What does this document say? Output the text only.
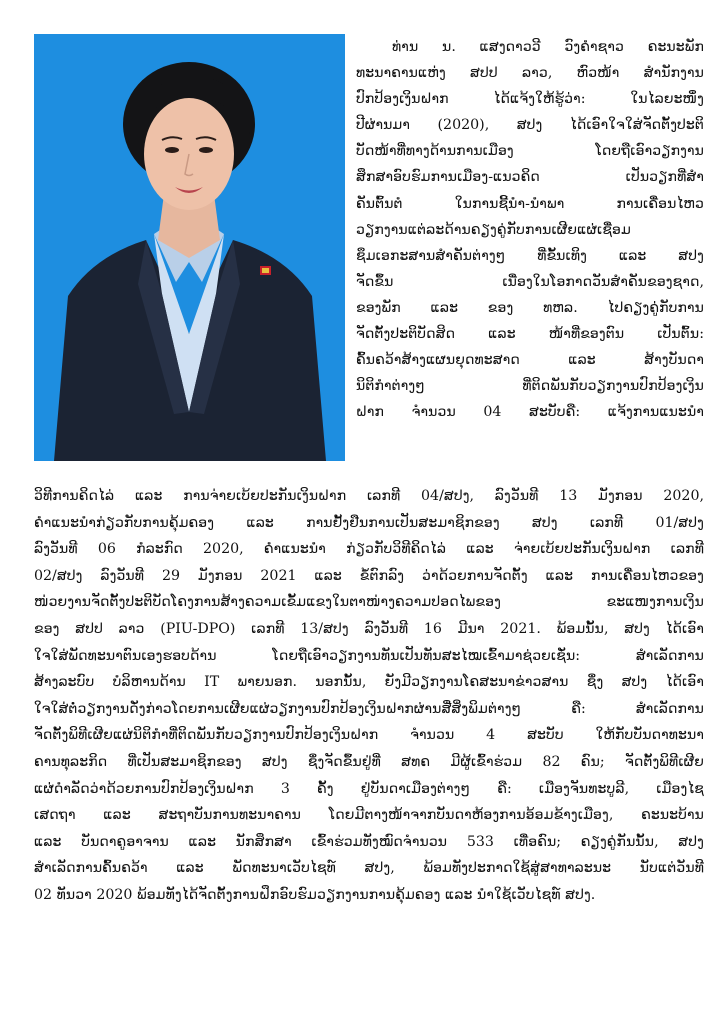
ທ່ານ ນ. ແສງດາວວີ ວົງຄໍາຊາວ ຄະນະພັກ
ທະນາຄານແຫ່ງ ສປປ ລາວ, ຫົວໜ້າ ສໍານັກງານ
ປົກປ້ອງເງິນຝາກ ໄດ້ແຈ້ງໃຫ້ຮູ້ວ່າ: ໃນໄລຍະໜຶ່ງ
ປີຜ່ານມາ (2020), ສປງ ໄດ້ເອົາໃຈໃສ່ຈັດຕັ້ງປະຕິ
ບັດໜ້າທີ່ທາງດ້ານການເມືອງ ໂດຍຖືເອົາວຽກງານ
ສຶກສາອົບຮົມການເມືອງ-ແນວຄິດ ເປັນວຽກທີ່ສໍາ
ຄັນຕົ້ນຕໍ ໃນການຊີ້ນໍາ-ນໍາພາ ການເຄື່ອນໄຫວ
ວຽກງານແຕ່ລະດ້ານຄຽງຄູ່ກັບການເຜີຍແຜ່ເຊື່ອມ
ຊຶມເອກະສານສໍາຄັນຕ່າງໆ ທີ່ຂັ້ນເທິງ ແລະ ສປງ
ຈັດຂຶ້ນ ເນື່ອງໃນໂອກາດວັນສໍາຄັນຂອງຊາດ,
ຂອງພັກ ແລະ ຂອງ ທຫລ. ໄປຄຽງຄູ່ກັບການ
ຈັດຕັ້ງປະຕິບັດສິດ ແລະ ໜ້າທີ່ຂອງຕົນ ເປັນຕົ້ນ:
ຄົ້ນຄວ້າສ້າງແຜນຍຸດທະສາດ ແລະ ສ້າງບັນດາ
ນິຕິກໍາຕ່າງໆ ທີ່ຕິດພັນກັບວຽກງານປົກປ້ອງເງິນ
ຝາກ ຈໍານວນ 04 ສະບັບຄື: ແຈ້ງການແນະນໍາ
ວິທີການຄິດໄລ່ ແລະ ການຈ່າຍເບ້ຍປະກັນເງິນຝາກ ເລກທີ 04/ສປງ, ລົງວັນທີ 13 ມັງກອນ 2020,
ຄໍາແນະນໍາກ່ຽວກັບການຄຸ້ມຄອງ ແລະ ການຢັ້ງຢືນການເປັນສະມາຊິກຂອງ ສປງ ເລກທີ 01/ສປງ
ລົງວັນທີ 06 ກໍລະກົດ 2020, ຄໍາແນະນໍາ ກ່ຽວກັບວິທີຄິດໄລ່ ແລະ ຈ່າຍເບ້ຍປະກັນເງິນຝາກ ເລກທີ
02/ສປງ ລົງວັນທີ 29 ມັງກອນ 2021 ແລະ ຂໍ້ຕົກລົງ ວ່າດ້ວຍການຈັດຕັ້ງ ແລະ ການເຄື່ອນໄຫວຂອງ
ໜ່ວຍງານຈັດຕັ້ງປະຕິບັດໂຄງການສ້າງຄວາມເຂັ້ມແຂງໃນຕາໜ່າງຄວາມປອດໄພຂອງ ຂະແໜງການເງິນ
ຂອງ ສປປ ລາວ (PIU-DPO) ເລກທີ 13/ສປງ ລົງວັນທີ 16 ມີນາ 2021. ພ້ອມນັ້ນ, ສປງ ໄດ້ເອົາ
ໃຈໃສ່ພັດທະນາຕົນເອງຮອບດ້ານ ໂດຍຖືເອົາວຽກງານທັນເປັນທັນສະໄໝເຂົ້າມາຊ່ວຍເຊັ່ນ: ສໍາເລັດການ
ສ້າງລະບົບ ບໍລິຫານດ້ານ IT ພາຍນອກ. ນອກນັ້ນ, ຍັງມີວຽກງານໂຄສະນາຂ່າວສານ ຊຶ່ງ ສປງ ໄດ້ເອົາ
ໃຈໃສ່ຕໍ່ວຽກງານດັ່ງກ່າວໂດຍການເຜີຍແຜ່ວຽກງານປົກປ້ອງເງິນຝາກຜ່ານສື່ສິ່ງພິມຕ່າງໆ ຄື: ສໍາເລັດການ
ຈັດຕັ້ງພິທີເຜີຍແຜ່ນິຕິກໍາທີ່ຕິດພັນກັບວຽກງານປົກປ້ອງເງິນຝາກ ຈໍານວນ 4 ສະບັບ ໃຫ້ກັບບັນດາທະນາ
ຄານທຸລະກິດ ທີ່ເປັນສະມາຊິກຂອງ ສປງ ຊຶ່ງຈັດຂຶ້ນຢູ່ທີ່ ສທຄ ມີຜູ້ເຂົ້າຮ່ວມ 82 ຄົນ; ຈັດຕັ້ງພິທີເຜີຍ
ແຜ່ດໍາລັດວ່າດ້ວຍການປົກປ້ອງເງິນຝາກ 3 ຄັ້ງ ຢູ່ບັນດາເມືອງຕ່າງໆ ຄື: ເມືອງຈັນທະບູລີ, ເມືອງໄຊ
ເສດຖາ ແລະ ສະຖາບັນການທະນາຄານ ໂດຍມີຕາງໜ້າຈາກບັນດາຫ້ອງການອ້ອມຂ້າງເມືອງ, ຄະນະບ້ານ
ແລະ ບັນດາຄູອາຈານ ແລະ ນັກສຶກສາ ເຂົ້າຮ່ວມທັງໝົດຈໍານວນ 533 ເທື່ອຄົນ; ຄຽງຄູ່ກັນນັ້ນ, ສປງ
ສໍາເລັດການຄົ້ນຄວ້າ ແລະ ພັດທະນາເວັບໄຊທ໌ ສປງ, ພ້ອມທັງປະກາດໃຊ້ສູ່ສາທາລະນະ ນັບແຕ່ວັນທີ
02 ທັນວາ 2020 ພ້ອມທັງໄດ້ຈັດຕັ້ງການຝຶກອົບຮົມວຽກງານການຄຸ້ມຄອງ ແລະ ນໍາໃຊ້ເວັບໄຊທ໌ ສປງ.
